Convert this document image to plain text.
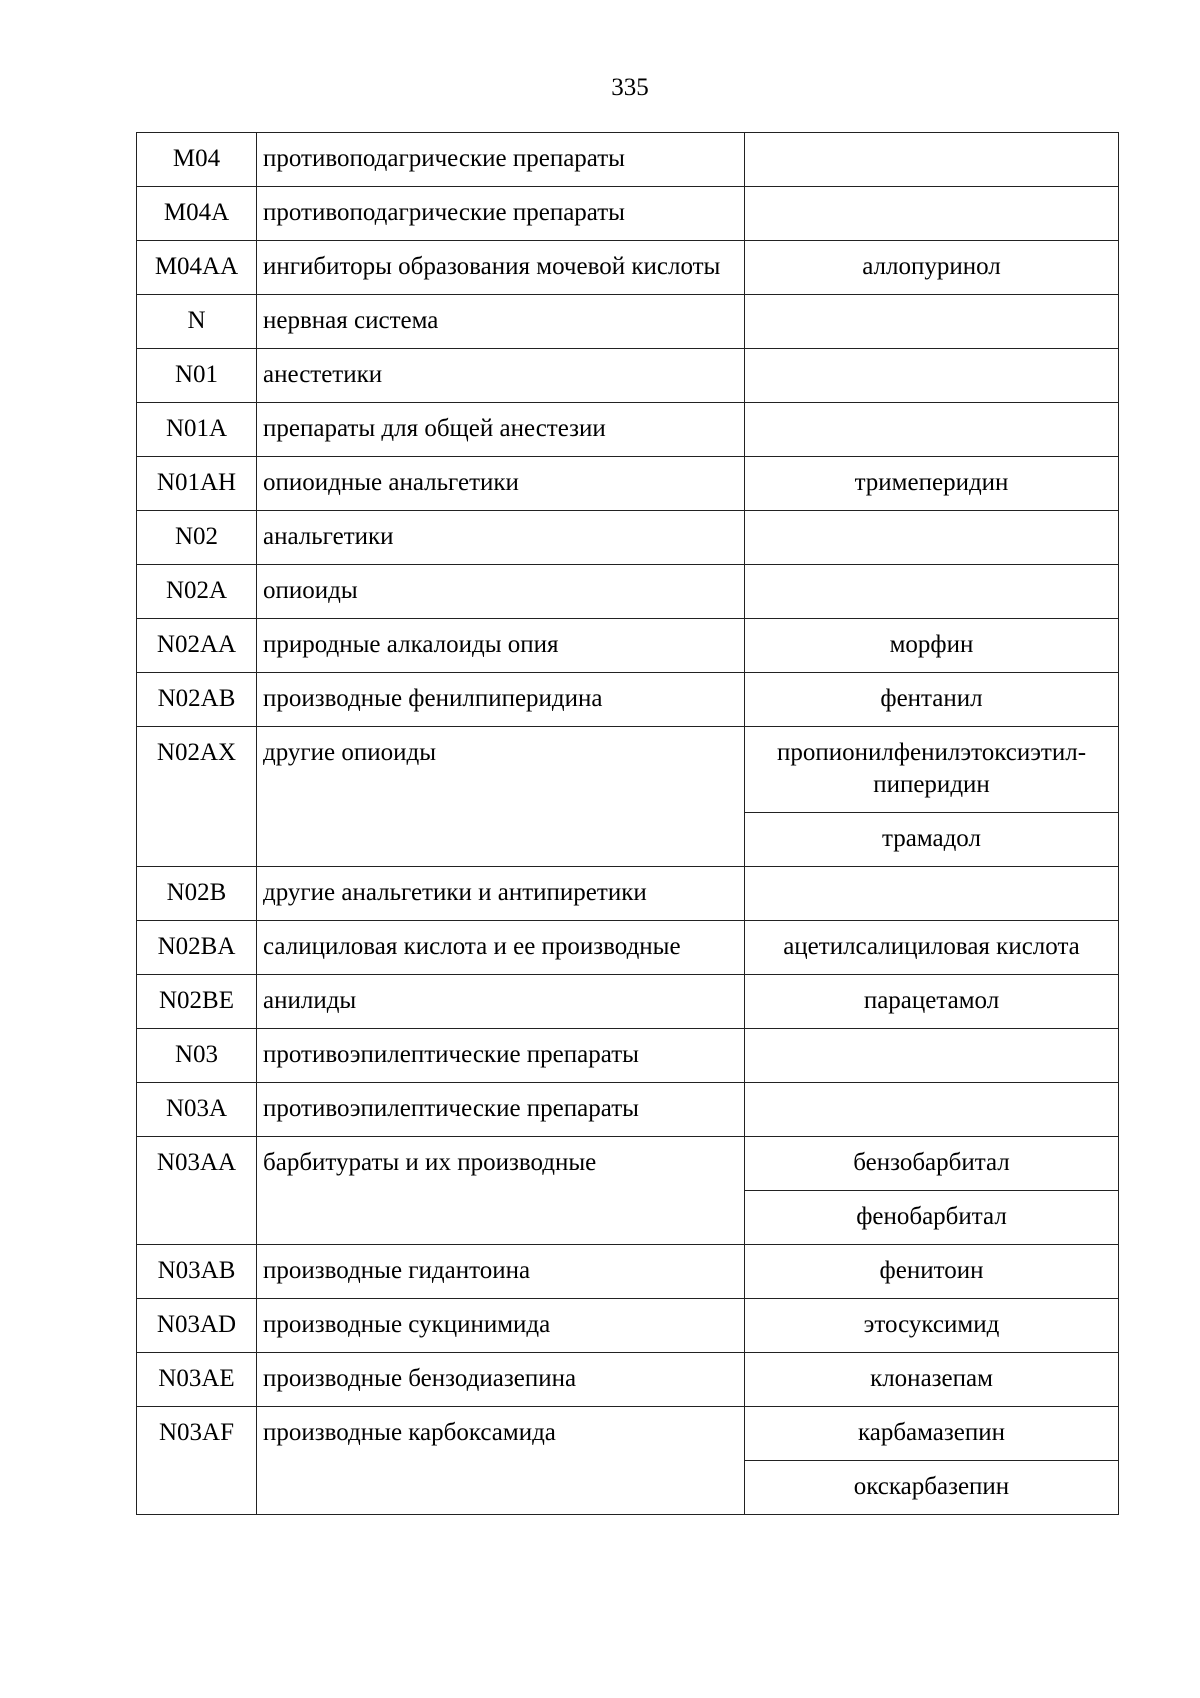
335
M04	противоподагрические препараты	
M04A	противоподагрические препараты	
M04AA	ингибиторы образования мочевой кислоты	аллопуринол
N	нервная система	
N01	анестетики	
N01A	препараты для общей анестезии	
N01AH	опиоидные анальгетики	тримеперидин
N02	анальгетики	
N02A	опиоиды	
N02AA	природные алкалоиды опия	морфин
N02AB	производные фенилпиперидина	фентанил
N02AX	другие опиоиды	пропионилфенилэтоксиэтил-пиперидин
		трамадол
N02B	другие анальгетики и антипиретики	
N02BA	салициловая кислота и ее производные	ацетилсалициловая кислота
N02BE	анилиды	парацетамол
N03	противоэпилептические препараты	
N03A	противоэпилептические препараты	
N03AA	барбитураты и их производные	бензобарбитал
		фенобарбитал
N03AB	производные гидантоина	фенитоин
N03AD	производные сукцинимида	этосуксимид
N03AE	производные бензодиазепина	клоназепам
N03AF	производные карбоксамида	карбамазепин
		окскарбазепин
